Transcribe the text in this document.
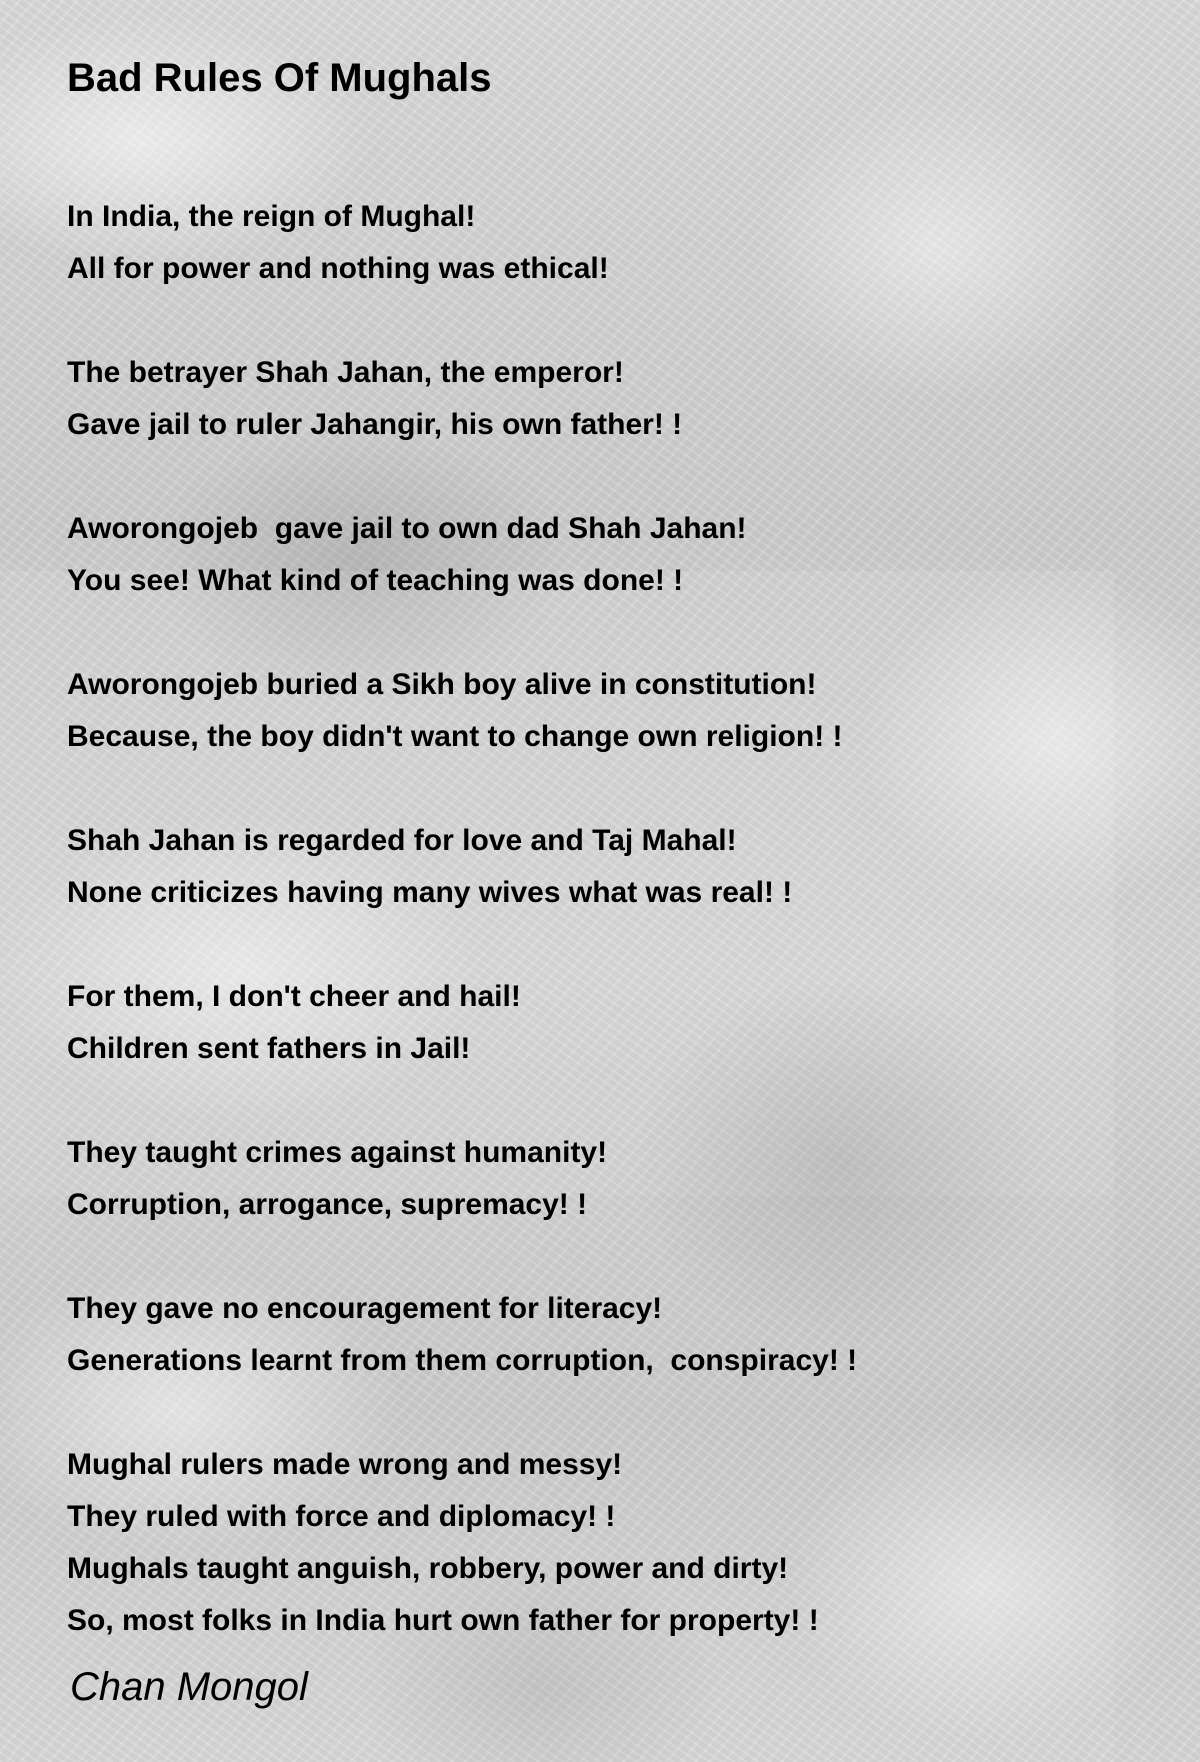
Bad Rules Of Mughals
In India, the reign of Mughal!
All for power and nothing was ethical!
The betrayer Shah Jahan, the emperor!
Gave jail to ruler Jahangir, his own father! !
Aworongojeb  gave jail to own dad Shah Jahan!
You see! What kind of teaching was done! !
Aworongojeb buried a Sikh boy alive in constitution!
Because, the boy didn't want to change own religion! !
Shah Jahan is regarded for love and Taj Mahal!
None criticizes having many wives what was real! !
For them, I don't cheer and hail!
Children sent fathers in Jail!
They taught crimes against humanity!
Corruption, arrogance, supremacy! !
They gave no encouragement for literacy!
Generations learnt from them corruption,  conspiracy! !
Mughal rulers made wrong and messy!
They ruled with force and diplomacy! !
Mughals taught anguish, robbery, power and dirty!
So, most folks in India hurt own father for property! !
Chan Mongol
